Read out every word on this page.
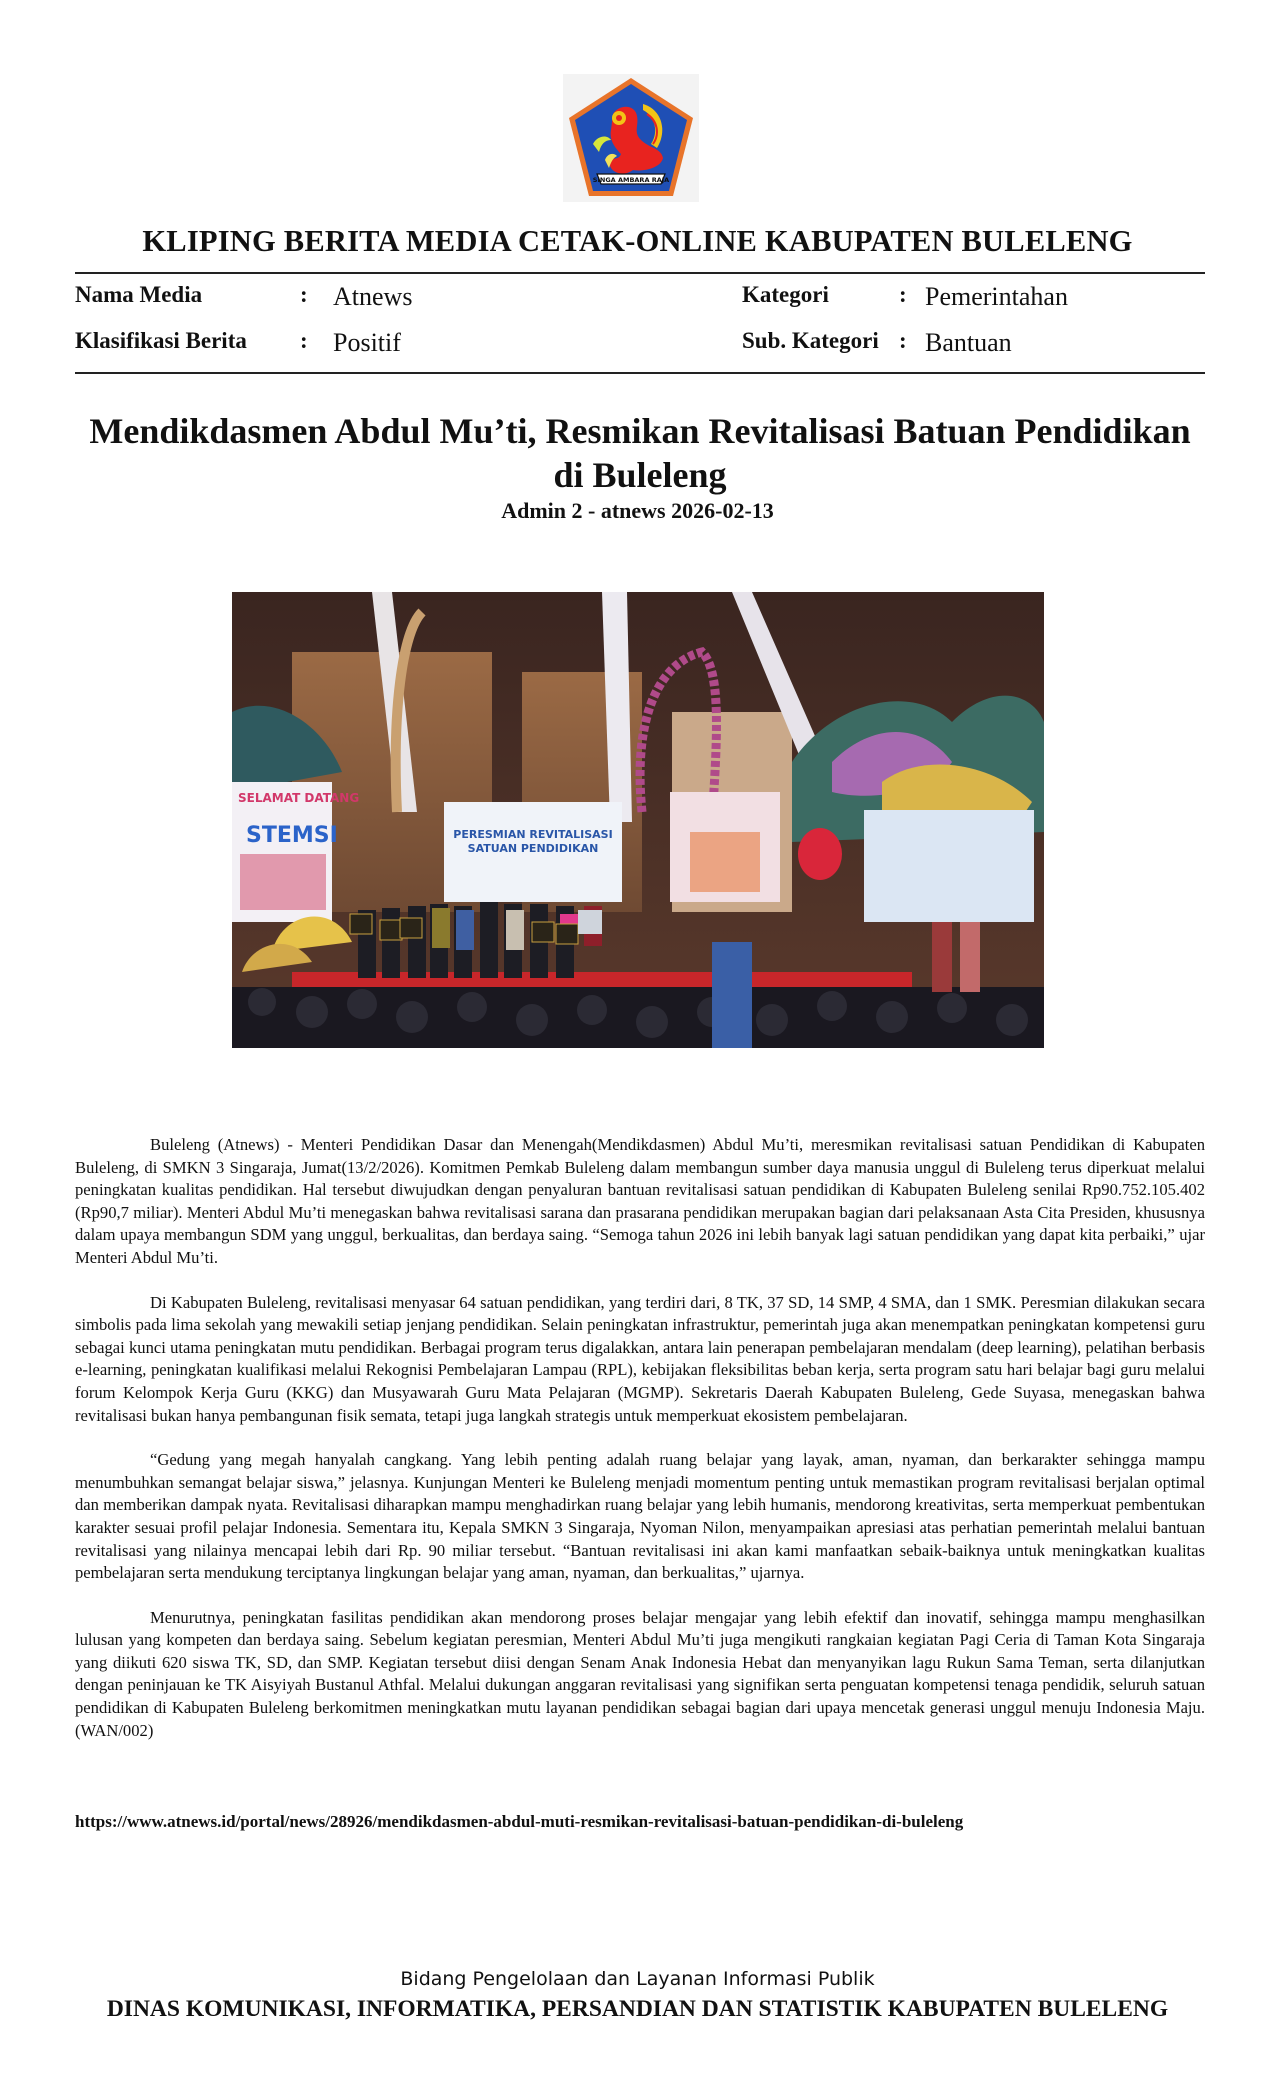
SINGA AMBARA RAJA
KLIPING BERITA MEDIA CETAK-ONLINE KABUPATEN BULELENG
Nama Media	: Atnews
Klasifikasi Berita : Positif
Kategori	: Pemerintahan
Sub. Kategori : Bantuan
Mendikdasmen Abdul Mu’ti, Resmikan Revitalisasi Batuan Pendidikan di Buleleng
Admin 2 - atnews 2026-02-13
SELAMAT DATANG
STEMSI	PERESMIAN REVITALISASI
SATUAN PENDIDIKAN

Buleleng (Atnews) - Menteri Pendidikan Dasar dan Menengah(Mendikdasmen) Abdul Mu’ti, meresmikan revitalisasi satuan Pendidikan di Kabupaten Buleleng, di SMKN 3 Singaraja, Jumat(13/2/2026). Komitmen Pemkab Buleleng dalam membangun sumber daya manusia unggul di Buleleng terus diperkuat melalui peningkatan kualitas pendidikan. Hal tersebut diwujudkan dengan penyaluran bantuan revitalisasi satuan pendidikan di Kabupaten Buleleng senilai Rp90.752.105.402 (Rp90,7 miliar). Menteri Abdul Mu’ti menegaskan bahwa revitalisasi sarana dan prasarana pendidikan merupakan bagian dari pelaksanaan Asta Cita Presiden, khususnya dalam upaya membangun SDM yang unggul, berkualitas, dan berdaya saing. “Semoga tahun 2026 ini lebih banyak lagi satuan pendidikan yang dapat kita perbaiki,” ujar Menteri Abdul Mu’ti.

Di Kabupaten Buleleng, revitalisasi menyasar 64 satuan pendidikan, yang terdiri dari, 8 TK, 37 SD, 14 SMP, 4 SMA, dan 1 SMK. Peresmian dilakukan secara simbolis pada lima sekolah yang mewakili setiap jenjang pendidikan. Selain peningkatan infrastruktur, pemerintah juga akan menempatkan peningkatan kompetensi guru sebagai kunci utama peningkatan mutu pendidikan. Berbagai program terus digalakkan, antara lain penerapan pembelajaran mendalam (deep learning), pelatihan berbasis e-learning, peningkatan kualifikasi melalui Rekognisi Pembelajaran Lampau (RPL), kebijakan fleksibilitas beban kerja, serta program satu hari belajar bagi guru melalui forum Kelompok Kerja Guru (KKG) dan Musyawarah Guru Mata Pelajaran (MGMP). Sekretaris Daerah Kabupaten Buleleng, Gede Suyasa, menegaskan bahwa revitalisasi bukan hanya pembangunan fisik semata, tetapi juga langkah strategis untuk memperkuat ekosistem pembelajaran.

“Gedung yang megah hanyalah cangkang. Yang lebih penting adalah ruang belajar yang layak, aman, nyaman, dan berkarakter sehingga mampu menumbuhkan semangat belajar siswa,” jelasnya. Kunjungan Menteri ke Buleleng menjadi momentum penting untuk memastikan program revitalisasi berjalan optimal dan memberikan dampak nyata. Revitalisasi diharapkan mampu menghadirkan ruang belajar yang lebih humanis, mendorong kreativitas, serta memperkuat pembentukan karakter sesuai profil pelajar Indonesia. Sementara itu, Kepala SMKN 3 Singaraja, Nyoman Nilon, menyampaikan apresiasi atas perhatian pemerintah melalui bantuan revitalisasi yang nilainya mencapai lebih dari Rp. 90 miliar tersebut. “Bantuan revitalisasi ini akan kami manfaatkan sebaik-baiknya untuk meningkatkan kualitas pembelajaran serta mendukung terciptanya lingkungan belajar yang aman, nyaman, dan berkualitas,” ujarnya.

Menurutnya, peningkatan fasilitas pendidikan akan mendorong proses belajar mengajar yang lebih efektif dan inovatif, sehingga mampu menghasilkan lulusan yang kompeten dan berdaya saing. Sebelum kegiatan peresmian, Menteri Abdul Mu’ti juga mengikuti rangkaian kegiatan Pagi Ceria di Taman Kota Singaraja yang diikuti 620 siswa TK, SD, dan SMP. Kegiatan tersebut diisi dengan Senam Anak Indonesia Hebat dan menyanyikan lagu Rukun Sama Teman, serta dilanjutkan dengan peninjauan ke TK Aisyiyah Bustanul Athfal. Melalui dukungan anggaran revitalisasi yang signifikan serta penguatan kompetensi tenaga pendidik, seluruh satuan pendidikan di Kabupaten Buleleng berkomitmen meningkatkan mutu layanan pendidikan sebagai bagian dari upaya mencetak generasi unggul menuju Indonesia Maju. (WAN/002)

https://www.atnews.id/portal/news/28926/mendikdasmen-abdul-muti-resmikan-revitalisasi-batuan-pendidikan-di-buleleng
Bidang Pengelolaan dan Layanan Informasi Publik
DINAS KOMUNIKASI, INFORMATIKA, PERSANDIAN DAN STATISTIK KABUPATEN BULELENG
